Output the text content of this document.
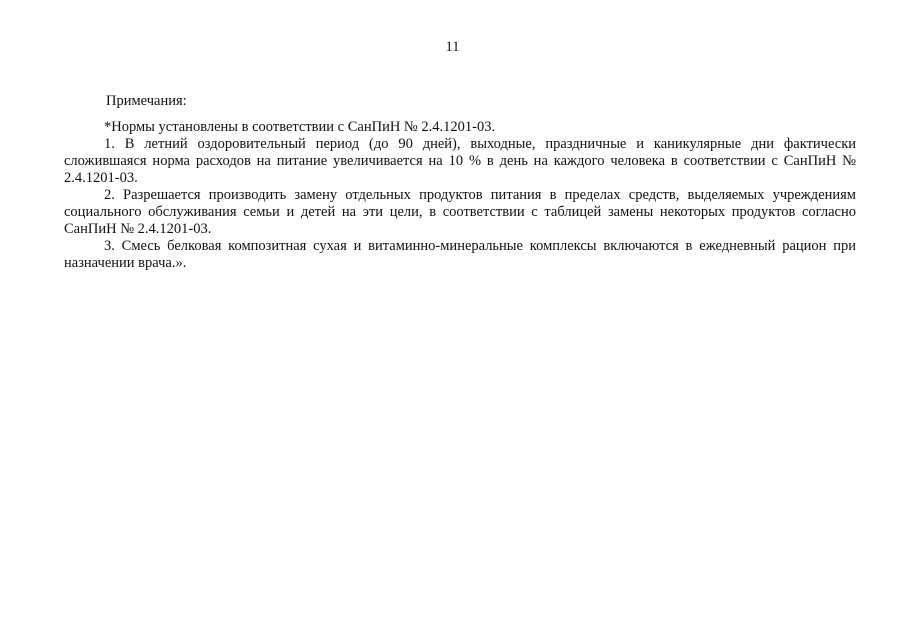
11
Примечания:

*Нормы установлены в соответствии с СанПиН № 2.4.1201-03.

1. В летний оздоровительный период (до 90 дней), выходные, праздничные и каникулярные дни фактически сложившаяся норма расходов на питание увеличивается на 10 % в день на каждого человека в соответствии с СанПиН № 2.4.1201-03.

2. Разрешается производить замену отдельных продуктов питания в пределах средств, выделяемых учреждениям социального обслуживания семьи и детей на эти цели, в соответствии с таблицей замены некоторых продуктов согласно СанПиН № 2.4.1201-03.

3. Смесь белковая композитная сухая и витаминно-минеральные комплексы включаются в ежедневный рацион при назначении врача.».
